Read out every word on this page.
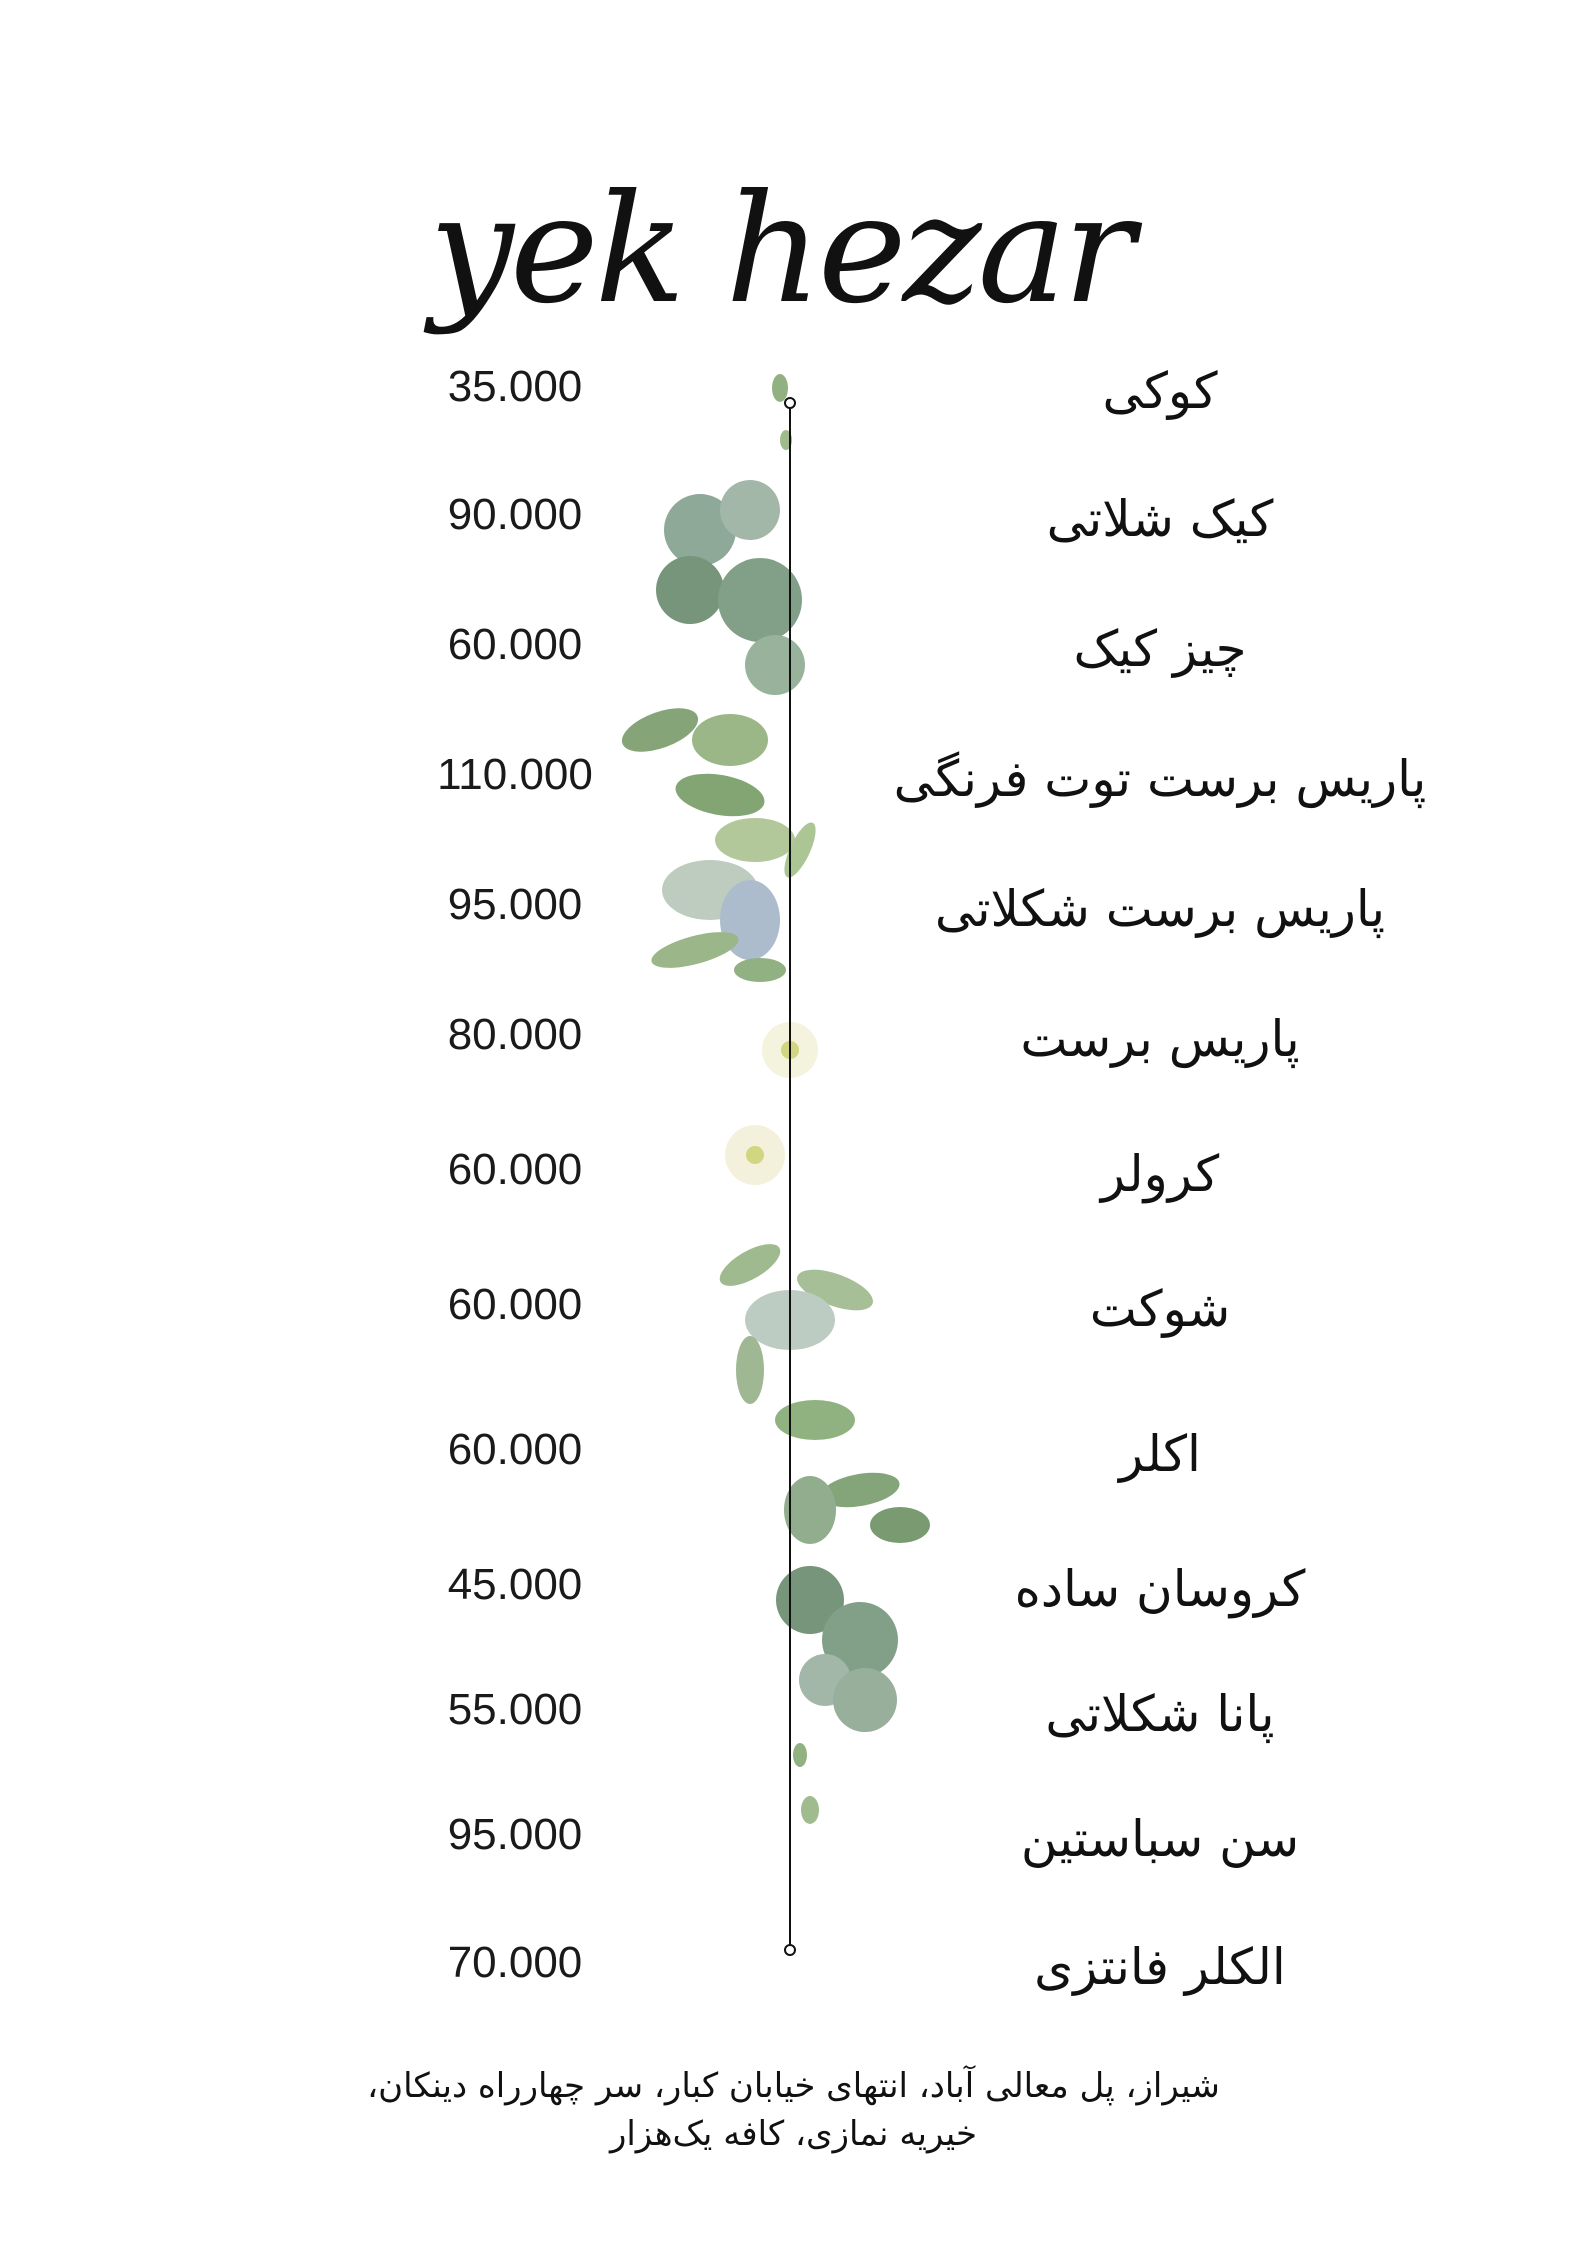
yek hezar
35.000	کوکی
90.000	کیک شلاتی
60.000	چیز کیک
110.000	پاریس برست توت فرنگی
95.000	پاریس برست شکلاتی
80.000	پاریس برست
60.000	کرولر
60.000	شوکت
60.000	اکلر
45.000	کروسان ساده
55.000	پانا شکلاتی
95.000	سن سباستین
70.000	الکلر فانتزی
شیراز، پل معالی آباد، انتهای خیابان کبار، سر چهارراه دینکان،
خیریه نمازی، کافه یک‌هزار
